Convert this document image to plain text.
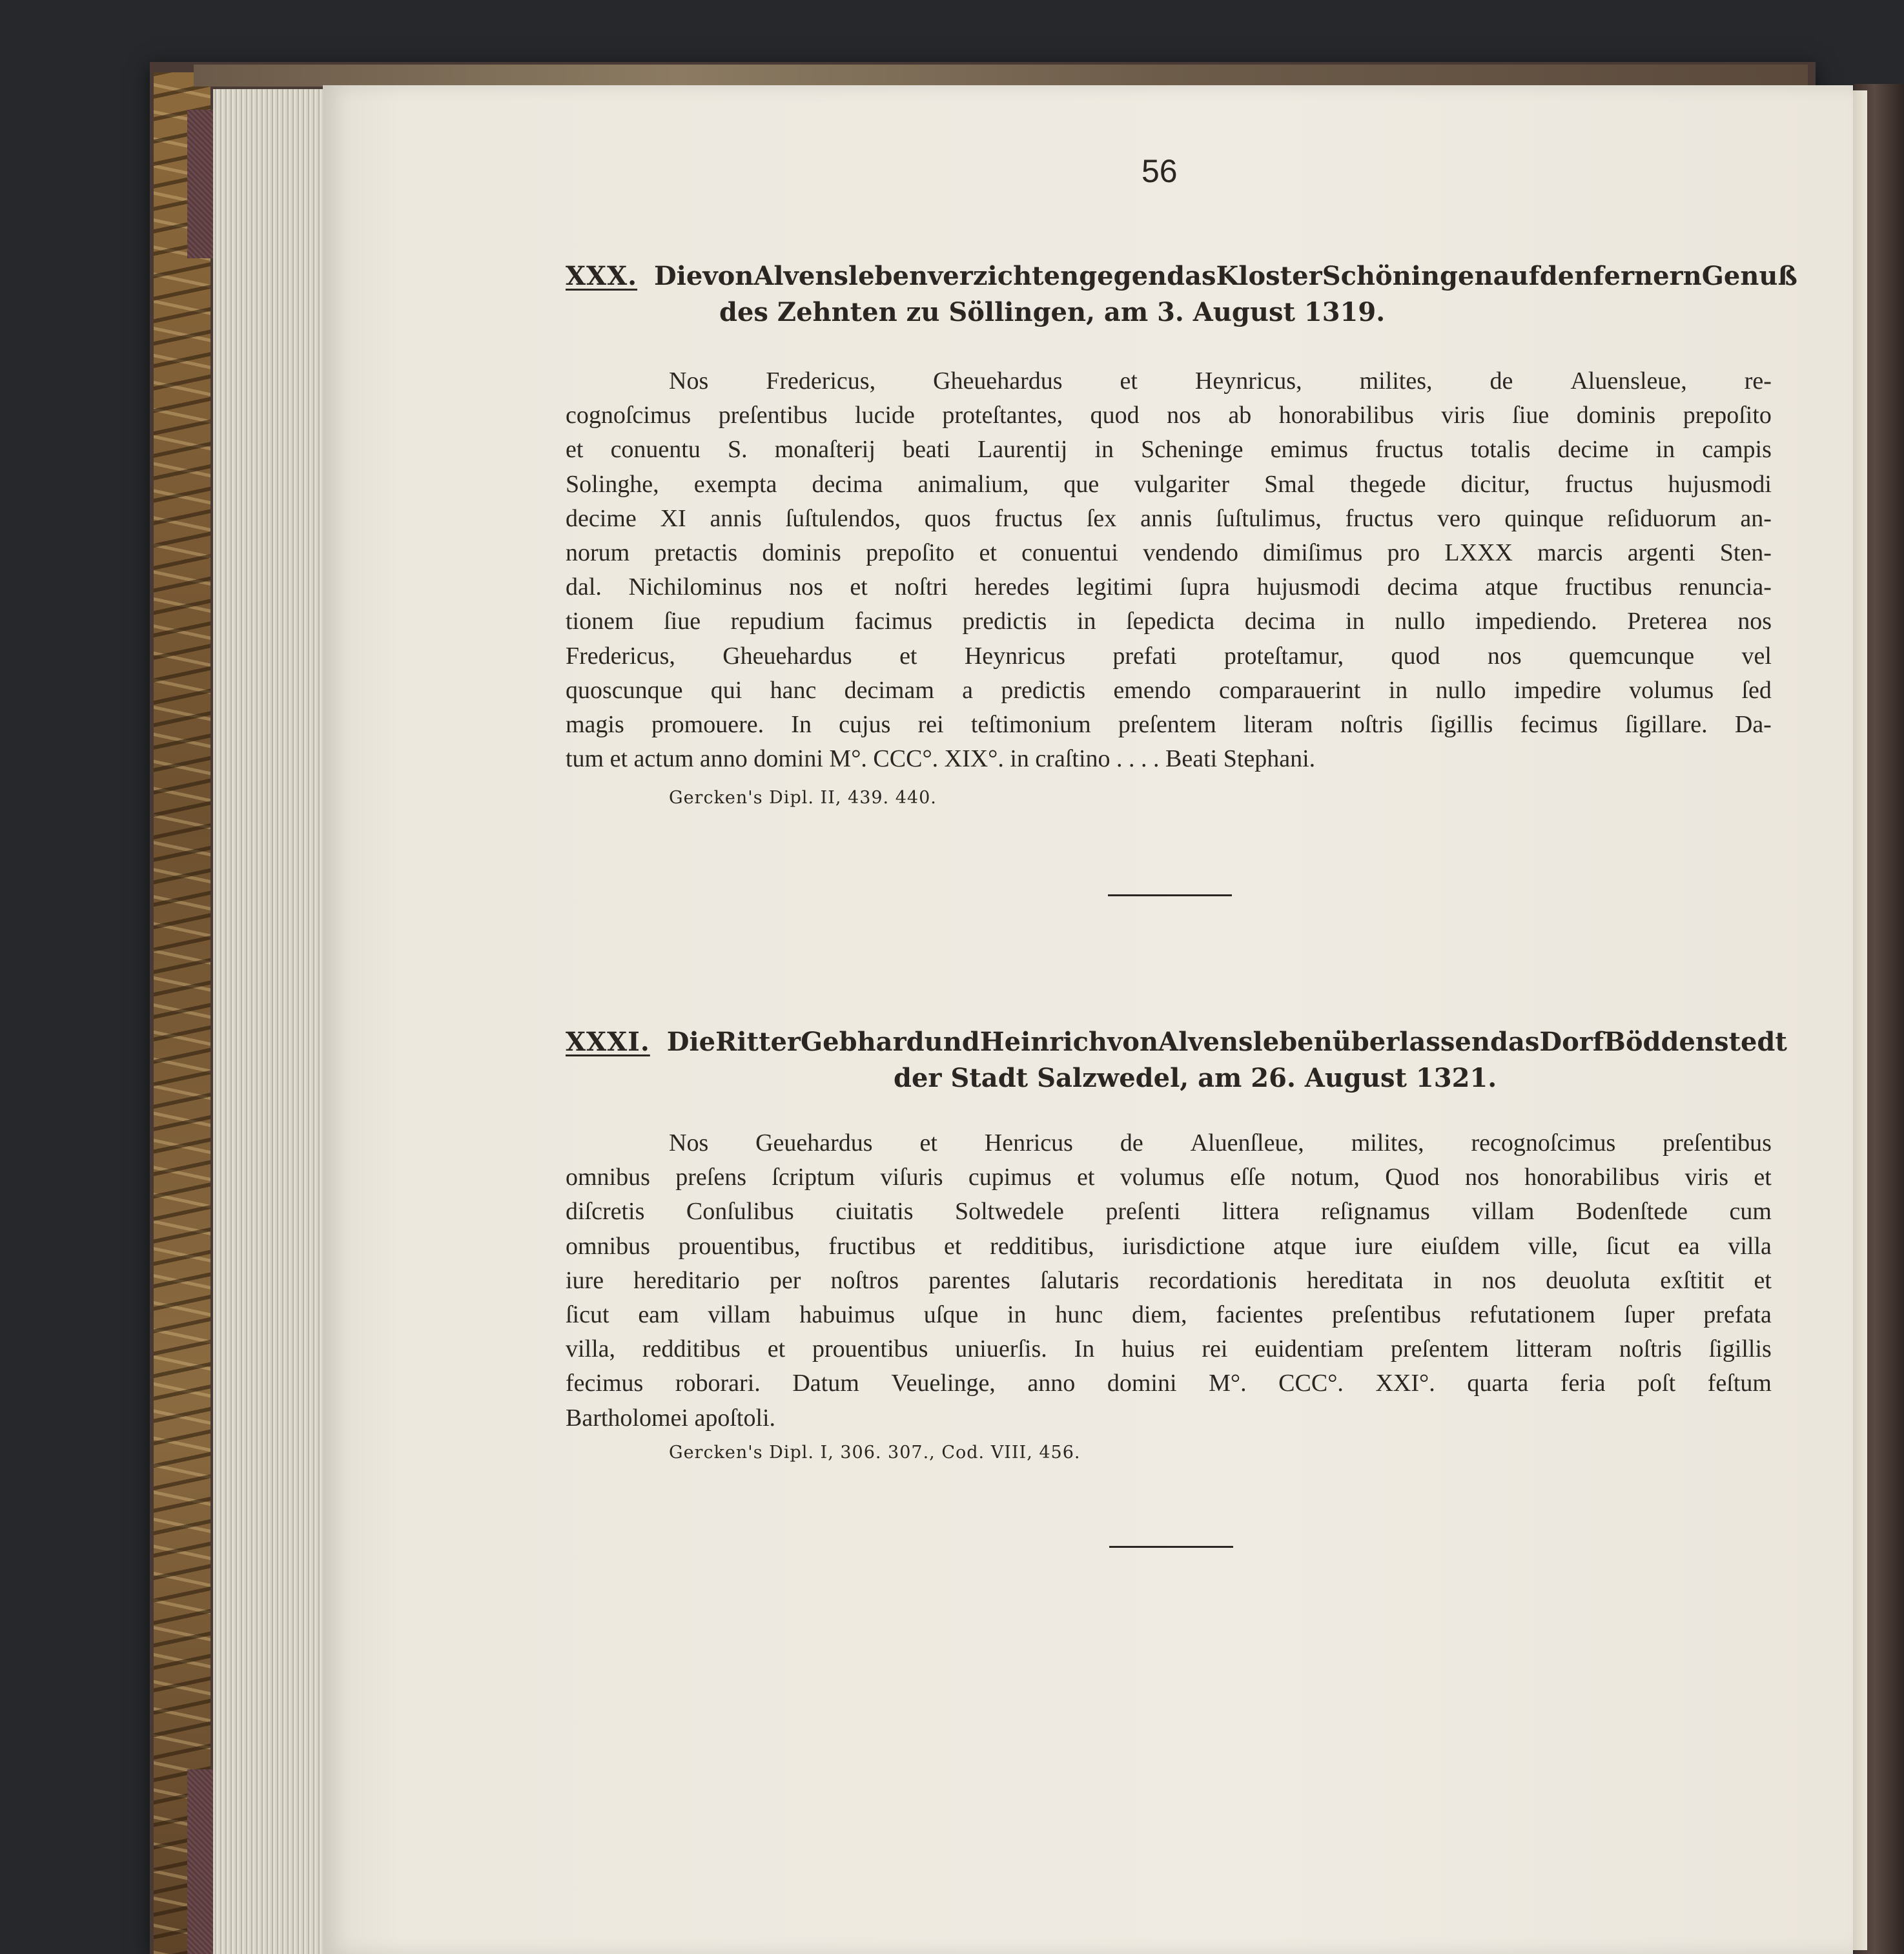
56
XXX. Die von Alvensleben verzichten gegen das Kloster Schöningen auf den fernern Genuß
des Zehnten zu Söllingen, am 3. August 1319.
Nos Fredericus, Gheuehardus et Heynricus, milites, de Aluensleue, re-
cognoſcimus preſentibus lucide proteſtantes, quod nos ab honorabilibus viris ſiue dominis prepoſito
et conuentu S. monaſterij beati Laurentij in Scheninge emimus fructus totalis decime in campis
Solinghe, exempta decima animalium, que vulgariter Smal thegede dicitur, fructus hujusmodi
decime XI annis ſuſtulendos, quos fructus ſex annis ſuſtulimus, fructus vero quinque reſiduorum an-
norum pretactis dominis prepoſito et conuentui vendendo dimiſimus pro LXXX marcis argenti Sten-
dal. Nichilominus nos et noſtri heredes legitimi ſupra hujusmodi decima atque fructibus renuncia-
tionem ſiue repudium facimus predictis in ſepedicta decima in nullo impediendo. Preterea nos
Fredericus, Gheuehardus et Heynricus prefati proteſtamur, quod nos quemcunque vel
quoscunque qui hanc decimam a predictis emendo comparauerint in nullo impedire volumus ſed
magis promouere. In cujus rei teſtimonium preſentem literam noſtris ſigillis fecimus ſigillare. Da-
tum et actum anno domini M°. CCC°. XIX°. in craſtino . . . . Beati Stephani.
Gercken's Dipl. II, 439. 440.
XXXI. Die Ritter Gebhard und Heinrich von Alvensleben überlassen das Dorf Böddenstedt
der Stadt Salzwedel, am 26. August 1321.
Nos Geuehardus et Henricus de Aluenſleue, milites, recognoſcimus preſentibus
omnibus preſens ſcriptum viſuris cupimus et volumus eſſe notum, Quod nos honorabilibus viris et
diſcretis Conſulibus ciuitatis Soltwedele preſenti littera reſignamus villam Bodenſtede cum
omnibus prouentibus, fructibus et redditibus, iurisdictione atque iure eiuſdem ville, ſicut ea villa
iure hereditario per noſtros parentes ſalutaris recordationis hereditata in nos deuoluta exſtitit et
ſicut eam villam habuimus uſque in hunc diem, facientes preſentibus refutationem ſuper prefata
villa, redditibus et prouentibus uniuerſis. In huius rei euidentiam preſentem litteram noſtris ſigillis
fecimus roborari. Datum Veuelinge, anno domini M°. CCC°. XXI°. quarta feria poſt feſtum
Bartholomei apoſtoli.
Gercken's Dipl. I, 306. 307., Cod. VIII, 456.
